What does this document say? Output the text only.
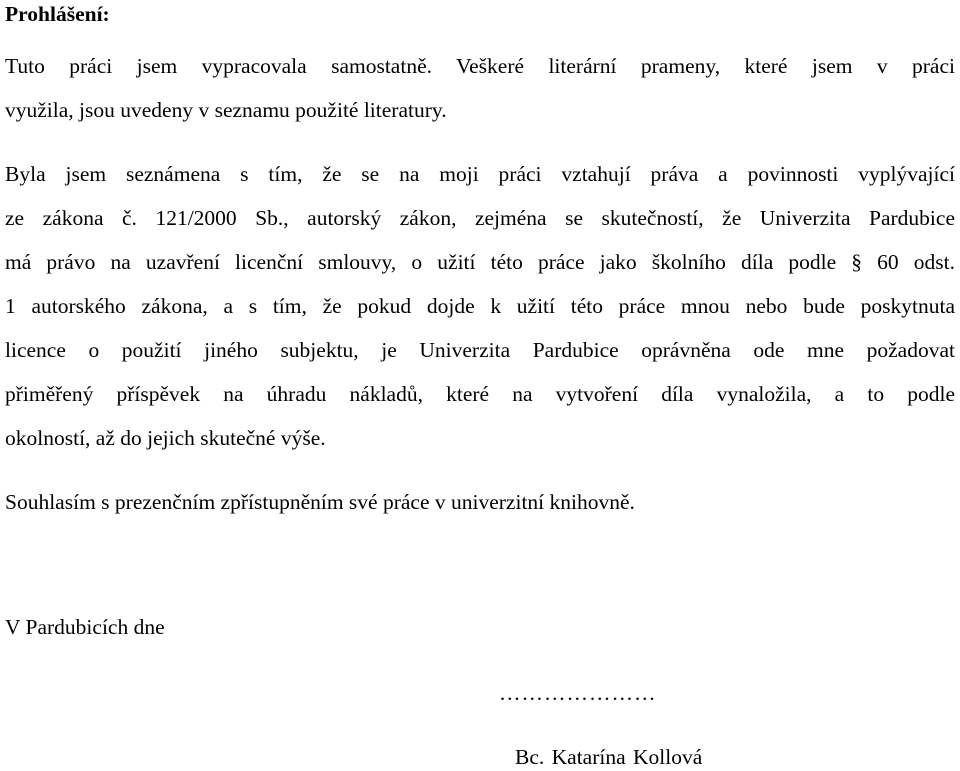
Prohlášení:
Tuto práci jsem vypracovala samostatně. Veškeré literární prameny, které jsem v práci
využila, jsou uvedeny v seznamu použité literatury.
Byla jsem seznámena s tím, že se na moji práci vztahují práva a povinnosti vyplývající
ze zákona č. 121/2000 Sb., autorský zákon, zejména se skutečností, že Univerzita Pardubice
má právo na uzavření licenční smlouvy, o užití této práce jako školního díla podle § 60 odst.
1 autorského zákona, a s tím, že pokud dojde k užití této práce mnou nebo bude poskytnuta
licence o použití jiného subjektu, je Univerzita Pardubice oprávněna ode mne požadovat
přiměřený příspěvek na úhradu nákladů, které na vytvoření díla vynaložila, a to podle
okolností, až do jejich skutečné výše.
Souhlasím s prezenčním zpřístupněním své práce v univerzitní knihovně.
V Pardubicích dne
…………………
Bc. Katarína Kollová
